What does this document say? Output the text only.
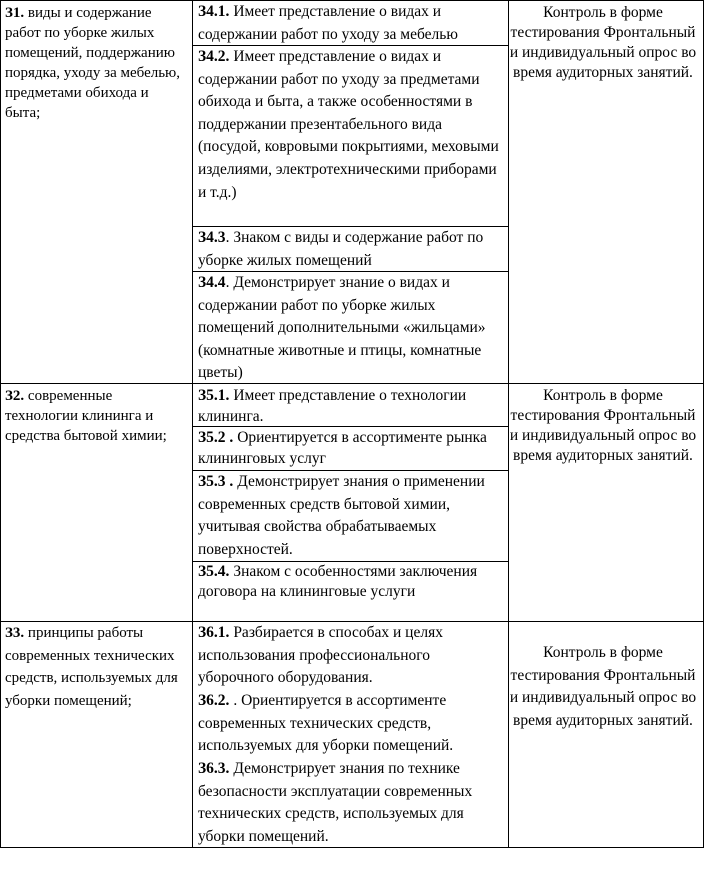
З1. виды и содержание работ по уборке жилых помещений, поддержанию порядка, уходу за мебелью, предметами обихода и быта;
З4.1. Имеет представление о видах и содержании работ по уходу за мебелью
З4.2. Имеет представление о видах и содержании работ по уходу за предметами обихода и быта, а также особенностями в поддержании презентабельного вида (посудой, ковровыми покрытиями, меховыми изделиями, электротехническими приборами и т.д.)
З4.3. Знаком с виды и содержание работ по уборке жилых помещений
З4.4. Демонстрирует знание о видах и содержании работ по уборке жилых помещений дополнительными «жильцами» (комнатные животные и птицы, комнатные цветы)
Контроль в форме тестирования Фронтальный и индивидуальный опрос во время аудиторных занятий.
З2. современные технологии клининга и средства бытовой химии;
З5.1. Имеет представление о технологии клининга.
З5.2 . Ориентируется в ассортименте рынка клининговых услуг
З5.3 . Демонстрирует знания о применении современных средств бытовой химии, учитывая свойства обрабатываемых поверхностей.
З5.4. Знаком с особенностями заключения договора на клининговые услуги
Контроль в форме тестирования Фронтальный и индивидуальный опрос во время аудиторных занятий.
З3. принципы работы современных технических средств, используемых для уборки помещений;
З6.1. Разбирается в способах и целях использования профессионального уборочного оборудования.
З6.2. . Ориентируется в ассортименте современных технических средств, используемых для уборки помещений.
З6.3. Демонстрирует знания по технике безопасности эксплуатации современных технических средств, используемых для уборки помещений.
Контроль в форме тестирования Фронтальный и индивидуальный опрос во время аудиторных занятий.
